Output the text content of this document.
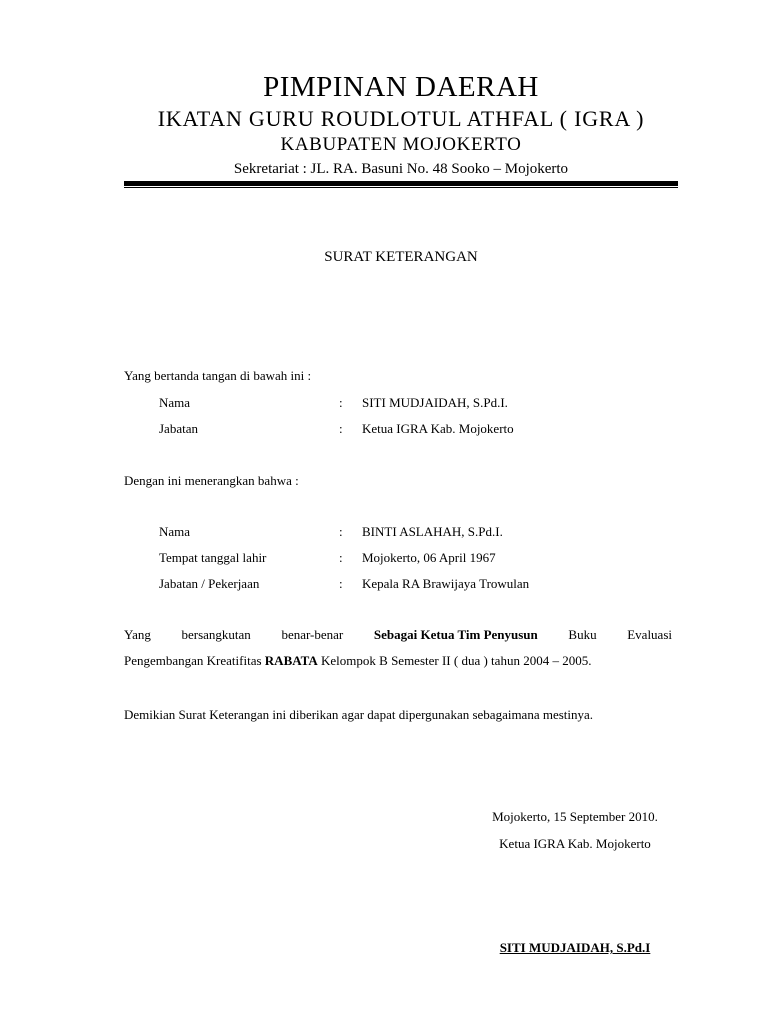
PIMPINAN DAERAH
IKATAN GURU ROUDLOTUL ATHFAL ( IGRA )
KABUPATEN MOJOKERTO
Sekretariat : JL. RA. Basuni No. 48 Sooko – Mojokerto
SURAT KETERANGAN
Yang bertanda tangan di bawah ini :
Nama	: SITI MUDJAIDAH, S.Pd.I.
Jabatan	: Ketua IGRA Kab. Mojokerto
Dengan ini menerangkan bahwa :
Nama	: BINTI ASLAHAH, S.Pd.I.
Tempat tanggal lahir	: Mojokerto, 06 April 1967
Jabatan / Pekerjaan	: Kepala RA Brawijaya Trowulan
Yang bersangkutan benar-benar Sebagai Ketua Tim Penyusun Buku Evaluasi
Pengembangan Kreatifitas RABATA Kelompok B Semester II ( dua ) tahun 2004 – 2005.
Demikian Surat Keterangan ini diberikan agar dapat dipergunakan sebagaimana mestinya.
Mojokerto, 15 September 2010.
Ketua IGRA Kab. Mojokerto
SITI MUDJAIDAH, S.Pd.I
